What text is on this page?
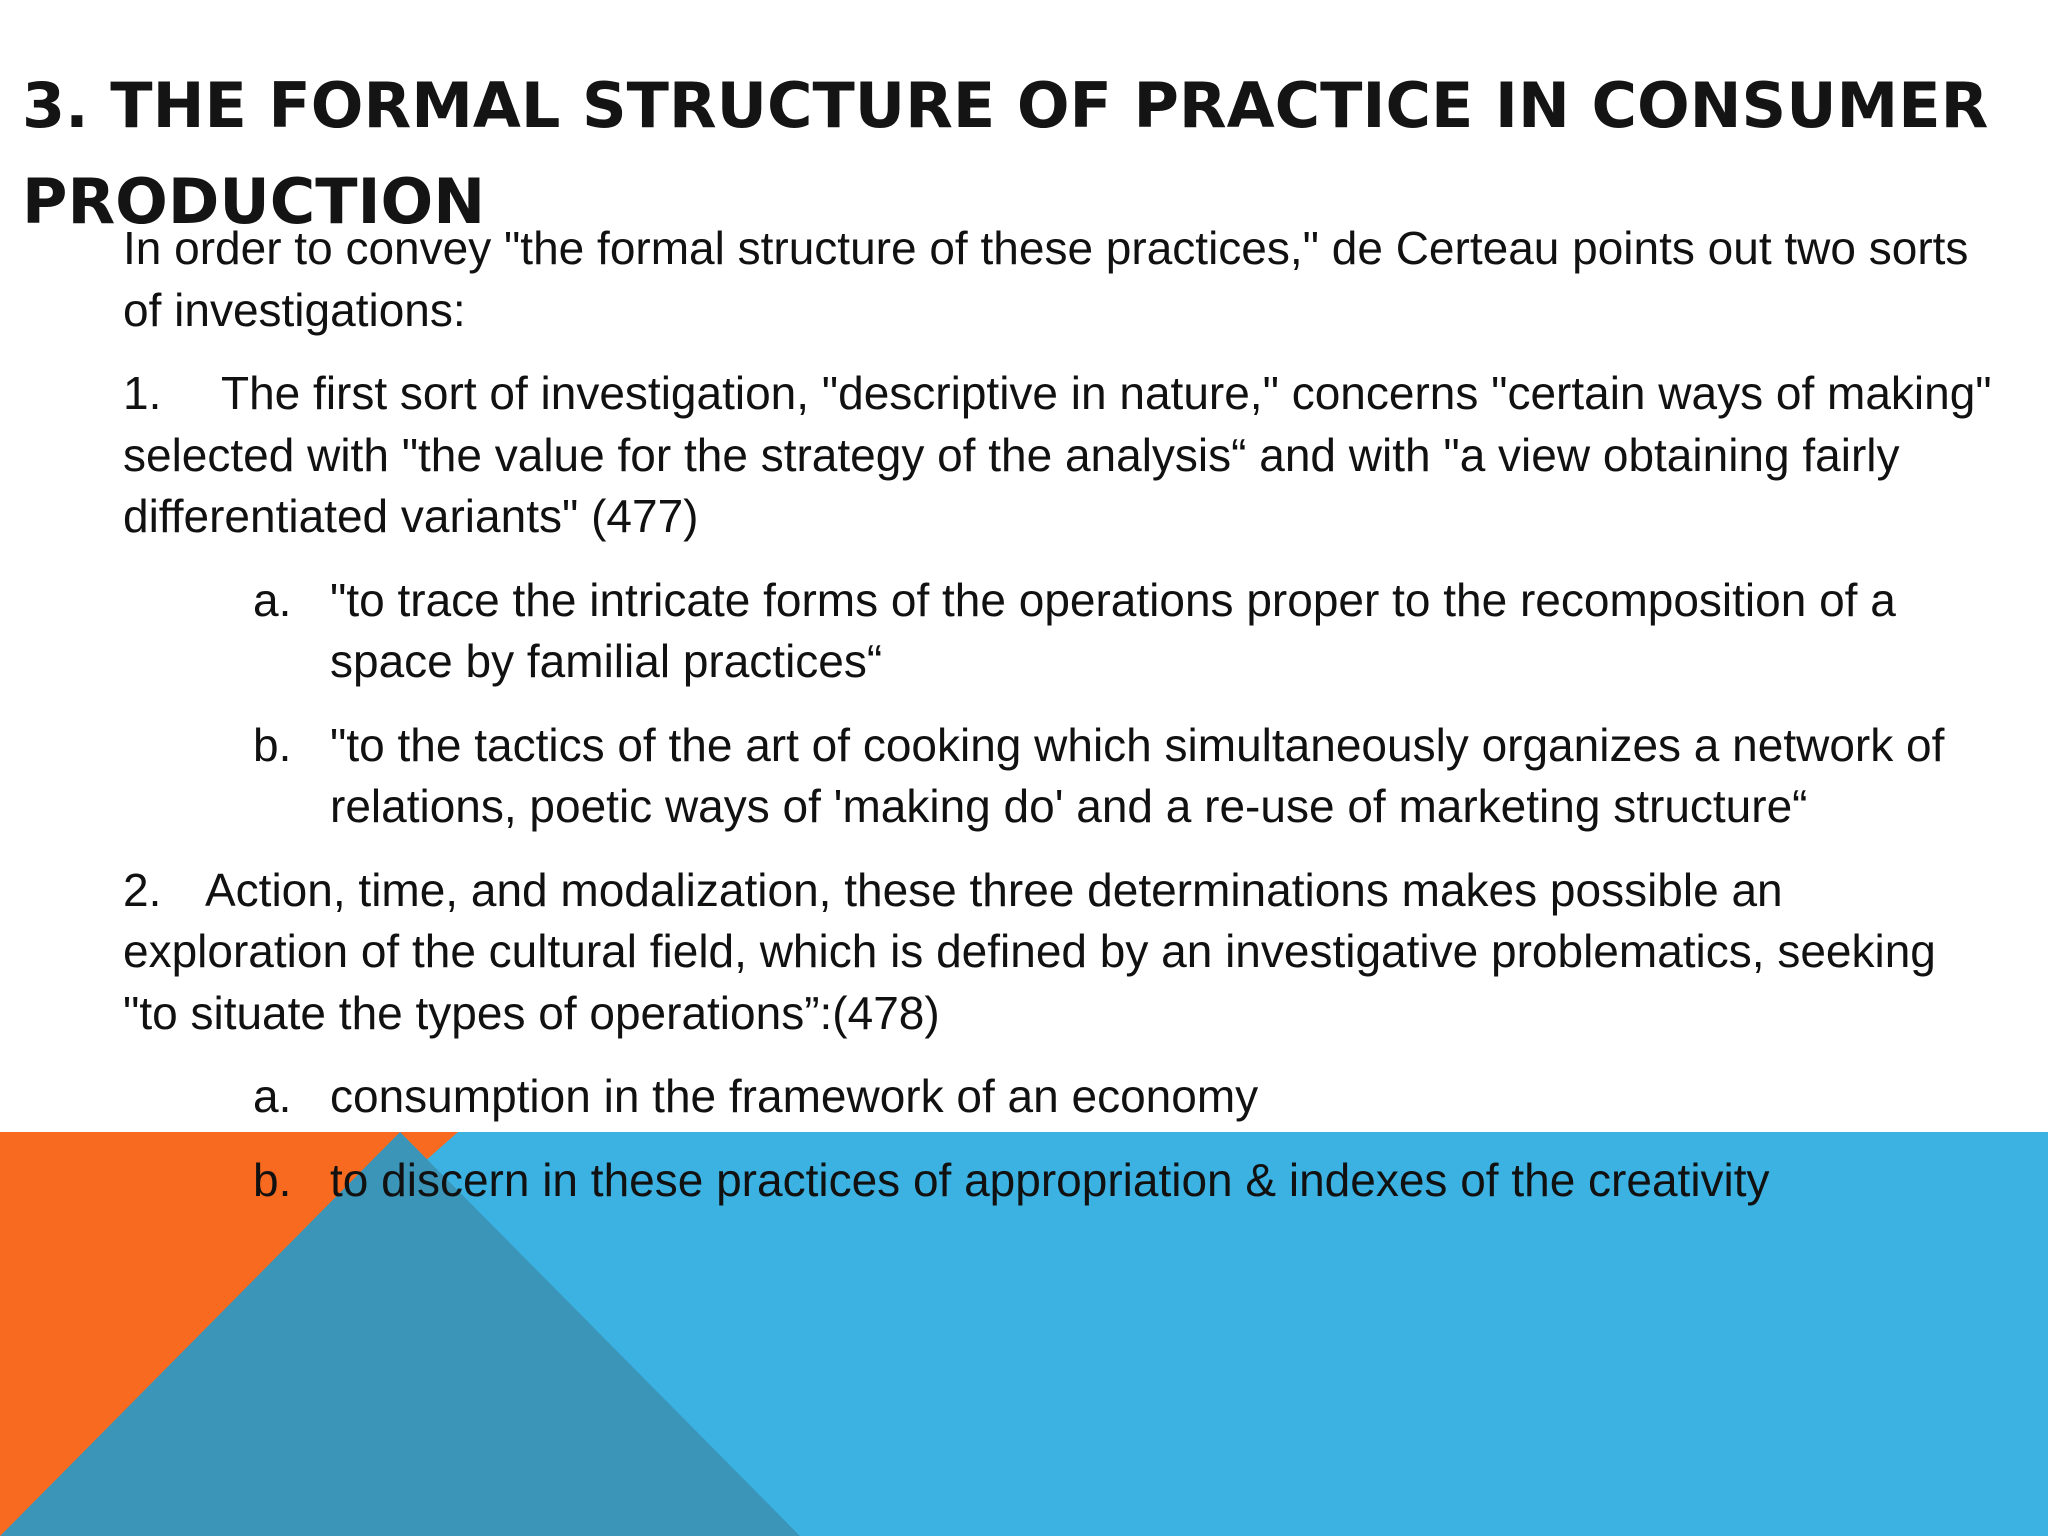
3. THE FORMAL STRUCTURE OF PRACTICE IN CONSUMER PRODUCTION

In order to convey "the formal structure of these practices," de Certeau points out two sorts of investigations:

1. The first sort of investigation, "descriptive in nature," concerns "certain ways of making" selected with "the value for the strategy of the analysis“ and with "a view obtaining fairly differentiated variants" (477)

a. "to trace the intricate forms of the operations proper to the recomposition of a space by familial practices“
b. "to the tactics of the art of cooking which simultaneously organizes a network of relations, poetic ways of 'making do' and a re-use of marketing structure“

2. Action, time, and modalization, these three determinations makes possible an exploration of the cultural field, which is defined by an investigative problematics, seeking "to situate the types of operations”:(478)

a. consumption in the framework of an economy
b. to discern in these practices of appropriation & indexes of the creativity
